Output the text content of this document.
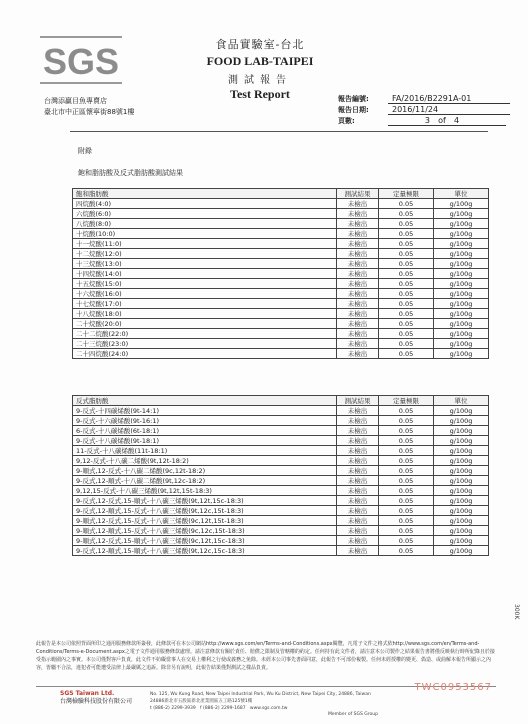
SGS	食品實驗室-台北
FOOD LAB-TAIPEI
測試報告
Test Report
台灣添贏目魚專賣店
臺北市中正區懷寧街88號1樓
報告編號:	FA/2016/B2291A-01
報告日期:	2016/11/24
頁數:	3	of	4
附錄
飽和脂肪酸及反式脂肪酸測試結果
飽和脂肪酸	測試結果	定量極限	單位
四烷酸(4:0)	未檢出	0.05	g/100g
六烷酸(6:0)	未檢出	0.05	g/100g
八烷酸(8:0)	未檢出	0.05	g/100g
十烷酸(10:0)	未檢出	0.05	g/100g
十一烷酸(11:0)	未檢出	0.05	g/100g
十二烷酸(12:0)	未檢出	0.05	g/100g
十三烷酸(13:0)	未檢出	0.05	g/100g
十四烷酸(14:0)	未檢出	0.05	g/100g
十五烷酸(15:0)	未檢出	0.05	g/100g
十六烷酸(16:0)	未檢出	0.05	g/100g
十七烷酸(17:0)	未檢出	0.05	g/100g
十八烷酸(18:0)	未檢出	0.05	g/100g
二十烷酸(20:0)	未檢出	0.05	g/100g
二十二烷酸(22:0)	未檢出	0.05	g/100g
二十三烷酸(23:0)	未檢出	0.05	g/100g
二十四烷酸(24:0)	未檢出	0.05	g/100g
反式脂肪酸	測試結果	定量極限	單位
9-反式-十四碳烯酸(9t-14:1)	未檢出	0.05	g/100g
9-反式-十六碳烯酸(9t-16:1)	未檢出	0.05	g/100g
6-反式-十八碳烯酸(6t-18:1)	未檢出	0.05	g/100g
9-反式-十八碳烯酸(9t-18:1)	未檢出	0.05	g/100g
11-反式-十八碳烯酸(11t-18:1)	未檢出	0.05	g/100g
9,12-反式-十八碳二烯酸(9t,12t-18:2)	未檢出	0.05	g/100g
9-順式,12-反式-十八碳二烯酸(9c,12t-18:2)	未檢出	0.05	g/100g
9-反式,12-順式-十八碳二烯酸(9t,12c-18:2)	未檢出	0.05	g/100g
9,12,15-反式-十八碳三烯酸(9t,12t,15t-18:3)	未檢出	0.05	g/100g
9-反式,12-反式,15-順式-十八碳三烯酸(9t,12t,15c-18:3)	未檢出	0.05	g/100g
9-反式,12-順式,15-反式-十八碳三烯酸(9t,12c,15t-18:3)	未檢出	0.05	g/100g
9-順式,12-反式,15-反式-十八碳三烯酸(9c,12t,15t-18:3)	未檢出	0.05	g/100g
9-順式,12-順式,15-反式-十八碳三烯酸(9c,12c,15t-18:3)	未檢出	0.05	g/100g
9-順式,12-反式,15-順式-十八碳三烯酸(9c,12t,15c-18:3)	未檢出	0.05	g/100g
9-反式,12-順式,15-順式-十八碳三烯酸(9t,12c,15c-18:3)	未檢出	0.05	g/100g
此報告是本公司依照背面所印之通用服務條款所簽發，此條款可在本公司網站http://www.sgs.com/en/Terms-and-Conditions.aspx閱覽，凡電子文件之格式依http://www.sgs.com/en/Terms-and-Conditions/Terms-e-Document.aspx之電子文件通用服務條款處理。請注意條款有關於責任、賠償之限制及管轄權的約定。任何持有此文件者，請注意本公司製作之結果報告書將僅反映執行時所紀錄且於接受指示範圍內之事實。本公司僅對客戶負責，此文件不妨礙當事人在交易上權利之行使或義務之免除。未經本公司事先書面同意，此報告不可部份複製。任何未經授權的變更、偽造、或曲解本報告所顯示之內容，皆屬不合法，違犯者可能遭受法律上最嚴厲之追訴。除非另有說明，此報告結果僅對測試之樣品負責。
SGS Taiwan Ltd.
台灣檢驗科技股份有限公司
No. 125, Wu Kung Road, New Taipei Industrial Park, Wu Ku District, New Taipei City, 24886, Taiwan
24886新北市五股區新北產業園區五工路125號1樓
t (886-2) 2299-3939 f (886-2) 2299-1687 www.sgs.com.tw
TWC0953567
Member of SGS Group
300K
